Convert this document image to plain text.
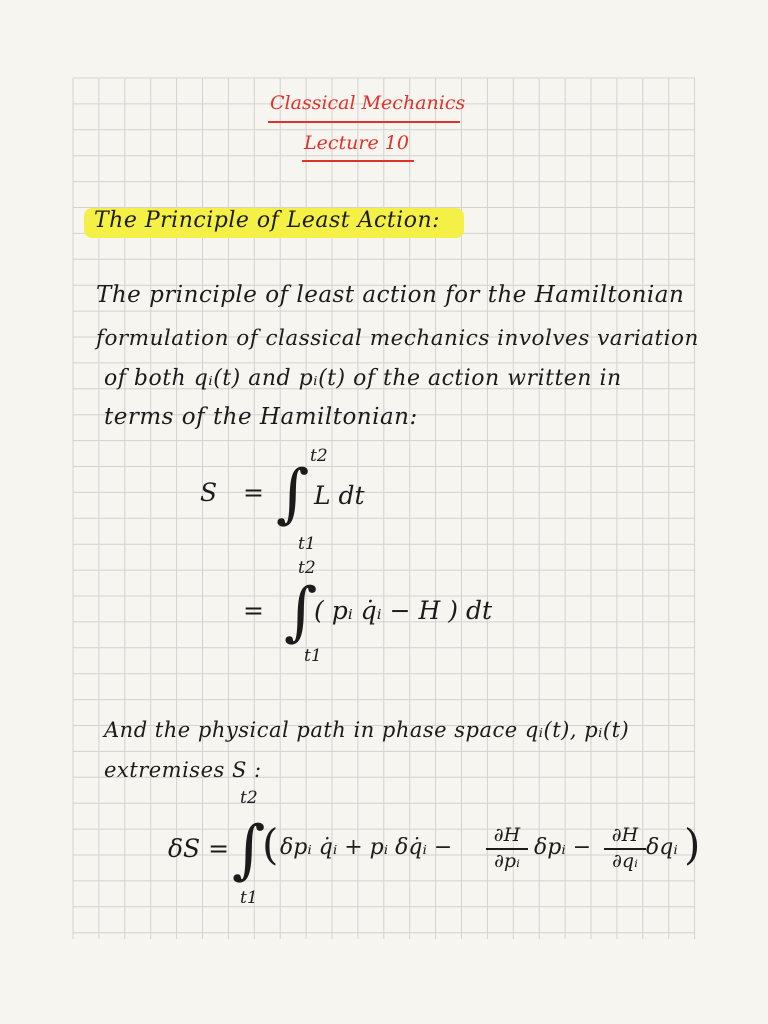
Classical Mechanics
Lecture 10
The Principle of Least Action:
The principle of least action for the Hamiltonian
formulation of classical mechanics involves variation
of both qᵢ(t) and pᵢ(t) of the action written in
terms of the Hamiltonian:
t2
S = ∫ L dt
t1
t2
= ∫
( pᵢ q̇ᵢ − H ) dt
t1
And the physical path in phase space qᵢ(t), pᵢ(t)
extremises S :
t2
δS = ∫
( δpᵢ q̇ᵢ + pᵢ δq̇ᵢ − ∂H
∂pᵢ
δpᵢ − ∂H
∂qᵢ
δqᵢ )
t1
